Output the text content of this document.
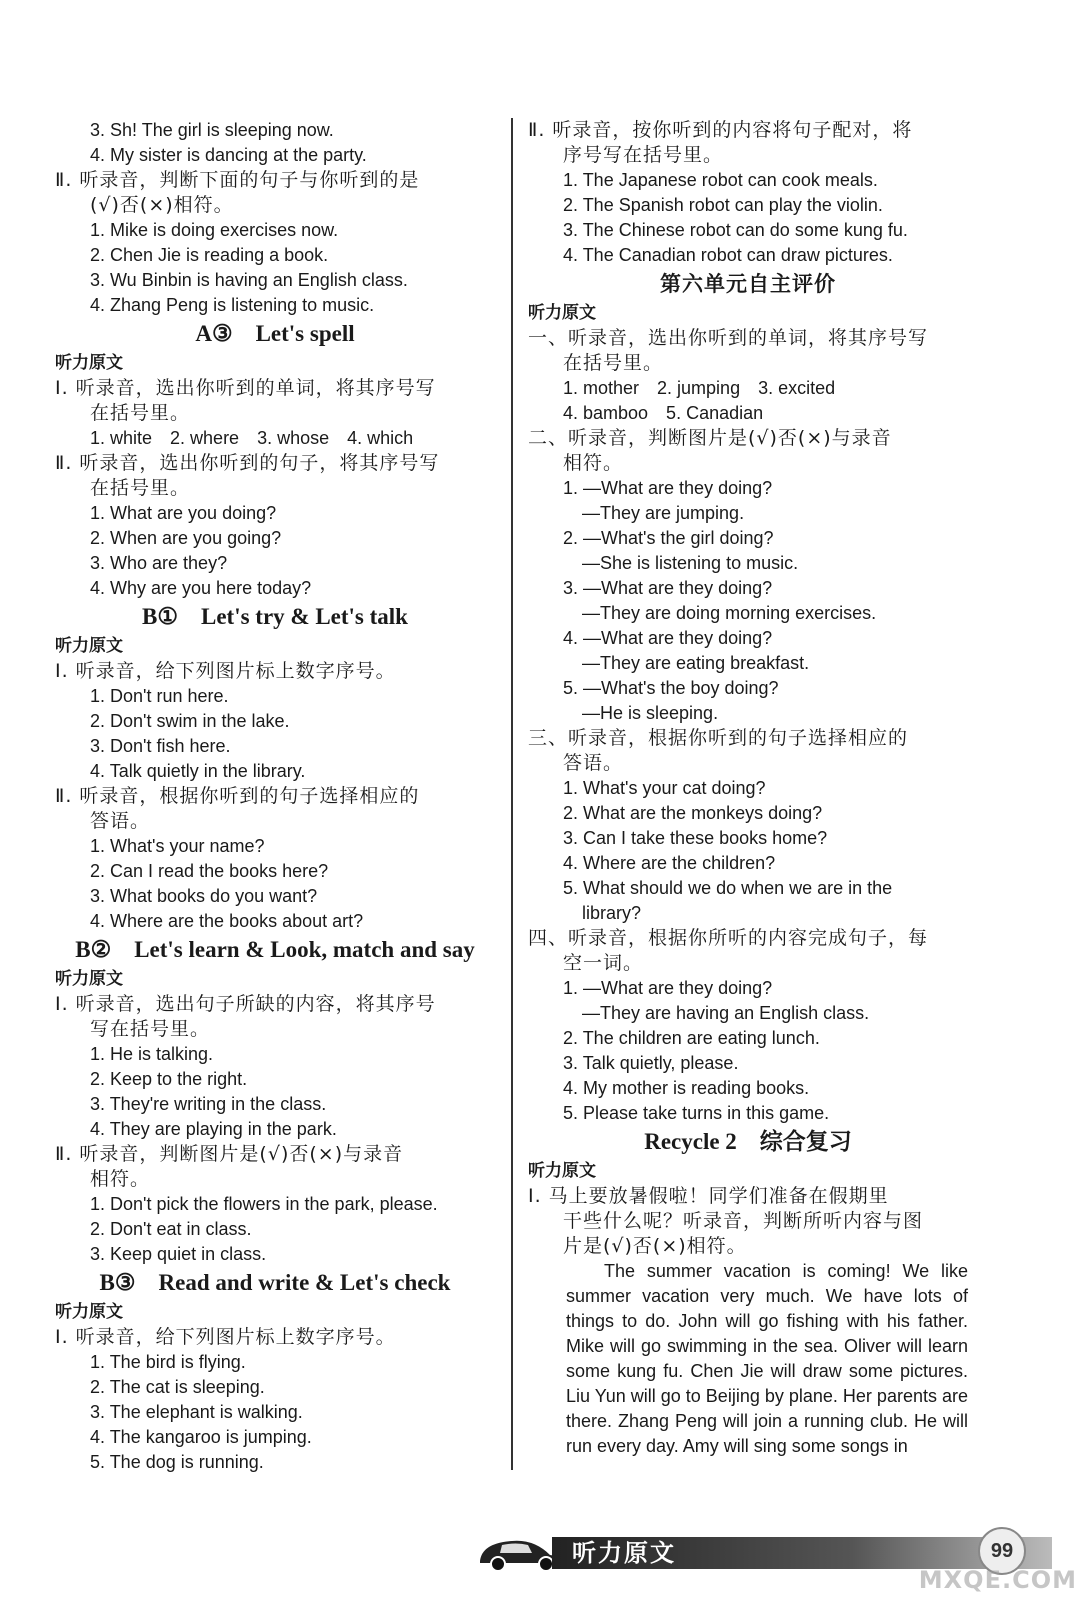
3. Sh! The girl is sleeping now.
4. My sister is dancing at the party.
Ⅱ. 听录音，判断下面的句子与你听到的是
(√)否(×)相符。
1. Mike is doing exercises now.
2. Chen Jie is reading a book.
3. Wu Binbin is having an English class.
4. Zhang Peng is listening to music.
A③　Let's spell
听力原文
Ⅰ. 听录音，选出你听到的单词，将其序号写
在括号里。
1. white　2. where　3. whose　4. which
Ⅱ. 听录音，选出你听到的句子，将其序号写
在括号里。
1. What are you doing?
2. When are you going?
3. Who are they?
4. Why are you here today?
B①　Let's try & Let's talk
听力原文
Ⅰ. 听录音，给下列图片标上数字序号。
1. Don't run here.
2. Don't swim in the lake.
3. Don't fish here.
4. Talk quietly in the library.
Ⅱ. 听录音，根据你听到的句子选择相应的
答语。
1. What's your name?
2. Can I read the books here?
3. What books do you want?
4. Where are the books about art?
B②　Let's learn & Look, match and say
听力原文
Ⅰ. 听录音，选出句子所缺的内容，将其序号
写在括号里。
1. He is talking.
2. Keep to the right.
3. They're writing in the class.
4. They are playing in the park.
Ⅱ. 听录音，判断图片是(√)否(×)与录音
相符。
1. Don't pick the flowers in the park, please.
2. Don't eat in class.
3. Keep quiet in class.
B③　Read and write & Let's check
听力原文
Ⅰ. 听录音，给下列图片标上数字序号。
1. The bird is flying.
2. The cat is sleeping.
3. The elephant is walking.
4. The kangaroo is jumping.
5. The dog is running.
Ⅱ. 听录音，按你听到的内容将句子配对，将
序号写在括号里。
1. The Japanese robot can cook meals.
2. The Spanish robot can play the violin.
3. The Chinese robot can do some kung fu.
4. The Canadian robot can draw pictures.
第六单元自主评价
听力原文
一、听录音，选出你听到的单词，将其序号写
在括号里。
1. mother　2. jumping　3. excited
4. bamboo　5. Canadian
二、听录音，判断图片是(√)否(×)与录音
相符。
1. —What are they doing?
—They are jumping.
2. —What's the girl doing?
—She is listening to music.
3. —What are they doing?
—They are doing morning exercises.
4. —What are they doing?
—They are eating breakfast.
5. —What's the boy doing?
—He is sleeping.
三、听录音，根据你听到的句子选择相应的
答语。
1. What's your cat doing?
2. What are the monkeys doing?
3. Can I take these books home?
4. Where are the children?
5. What should we do when we are in the
library?
四、听录音，根据你所听的内容完成句子，每
空一词。
1. —What are they doing?
—They are having an English class.
2. The children are eating lunch.
3. Talk quietly, please.
4. My mother is reading books.
5. Please take turns in this game.
Recycle 2　综合复习
听力原文
Ⅰ. 马上要放暑假啦！同学们准备在假期里
干些什么呢？听录音，判断所听内容与图
片是(√)否(×)相符。
The summer vacation is coming! We like summer vacation very much. We have lots of things to do. John will go fishing with his father. Mike will go swimming in the sea. Oliver will learn some kung fu. Chen Jie will draw some pictures. Liu Yun will go to Beijing by plane. Her parents are there. Zhang Peng will join a running club. He will run every day. Amy will sing some songs in
听力原文	99
MXQE.COM
